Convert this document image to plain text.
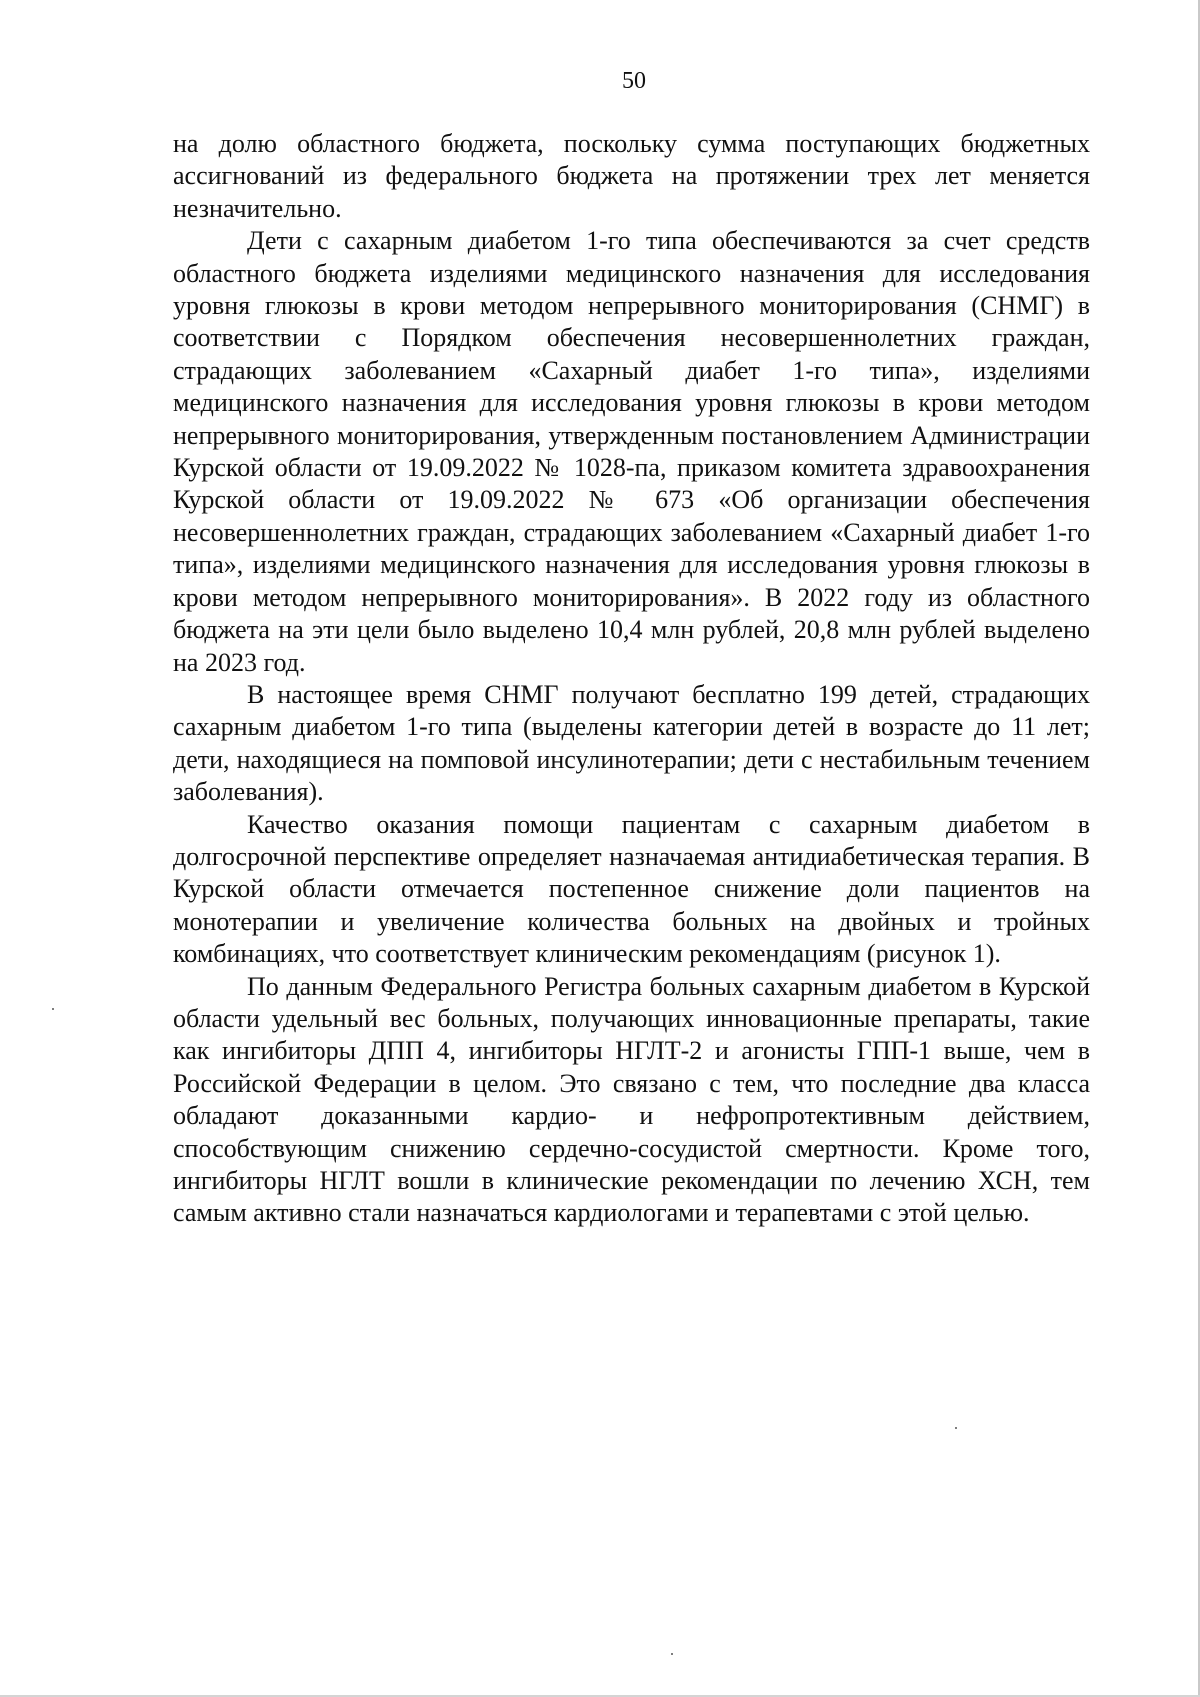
50

на долю областного бюджета, поскольку сумма поступающих бюджетных ассигнований из федерального бюджета на протяжении трех лет меняется незначительно.

Дети с сахарным диабетом 1-го типа обеспечиваются за счет средств областного бюджета изделиями медицинского назначения для исследования уровня глюкозы в крови методом непрерывного мониторирования (СНМГ) в соответствии с Порядком обеспечения несовершеннолетних граждан, страдающих заболеванием «Сахарный диабет 1-го типа», изделиями медицинского назначения для исследования уровня глюкозы в крови методом непрерывного мониторирования, утвержденным постановлением Администрации Курской области от 19.09.2022 № 1028-па, приказом комитета здравоохранения Курской области от 19.09.2022 № 673 «Об организации обеспечения несовершеннолетних граждан, страдающих заболеванием «Сахарный диабет 1-го типа», изделиями медицинского назначения для исследования уровня глюкозы в крови методом непрерывного мониторирования». В 2022 году из областного бюджета на эти цели было выделено 10,4 млн рублей, 20,8 млн рублей выделено на 2023 год.

В настоящее время СНМГ получают бесплатно 199 детей, страдающих сахарным диабетом 1-го типа (выделены категории детей в возрасте до 11 лет; дети, находящиеся на помповой инсулинотерапии; дети с нестабильным течением заболевания).

Качество оказания помощи пациентам с сахарным диабетом в долгосрочной перспективе определяет назначаемая антидиабетическая терапия. В Курской области отмечается постепенное снижение доли пациентов на монотерапии и увеличение количества больных на двойных и тройных комбинациях, что соответствует клиническим рекомендациям (рисунок 1).

По данным Федерального Регистра больных сахарным диабетом в Курской области удельный вес больных, получающих инновационные препараты, такие как ингибиторы ДПП 4, ингибиторы НГЛТ-2 и агонисты ГПП-1 выше, чем в Российской Федерации в целом. Это связано с тем, что последние два класса обладают доказанными кардио- и нефропротективным действием, способствующим снижению сердечно-сосудистой смертности. Кроме того, ингибиторы НГЛТ вошли в клинические рекомендации по лечению ХСН, тем самым активно стали назначаться кардиологами и терапевтами с этой целью.
